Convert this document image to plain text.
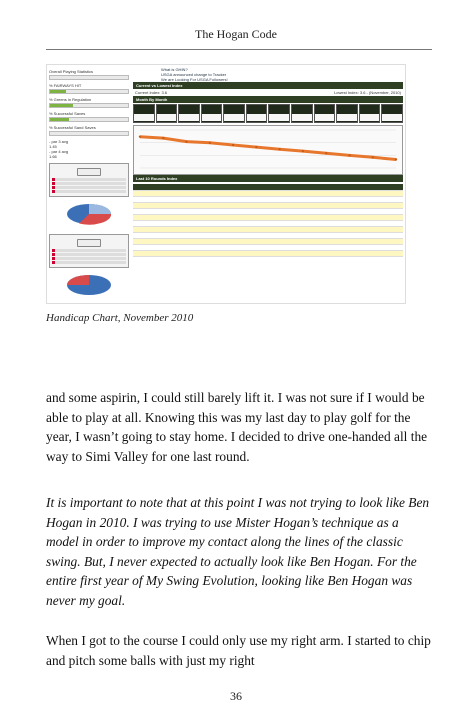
The Hogan Code
Overall Playing Statistics
% FAIRWAYS HIT
% Greens in Regulation
% Successful Saves
% Successful Sand Saves
- par 3 avg
1.45
- par 4 avg
1.66
What is GHIN?
USGA announced change to Tracker
We are Looking For USGA Followers!
Current vs Lowest Index
Current Index: 3.6	Lowest Index: 3.6 - (November, 2010)
Month By Month
Last 10 Rounds Index
Handicap Chart, November 2010

and some aspirin, I could still barely lift it. I was not sure if I would be able to play at all. Knowing this was my last day to play golf for the year, I wasn’t going to stay home. I decided to drive one-handed all the way to Simi Valley for one last round.

It is important to note that at this point I was not trying to look like Ben Hogan in 2010. I was trying to use Mister Hogan’s technique as a model in order to improve my contact along the lines of the classic swing. But, I never expected to actually look like Ben Hogan. For the entire first year of My Swing Evolution, looking like Ben Hogan was never my goal.

When I got to the course I could only use my right arm. I started to chip and pitch some balls with just my right

36
